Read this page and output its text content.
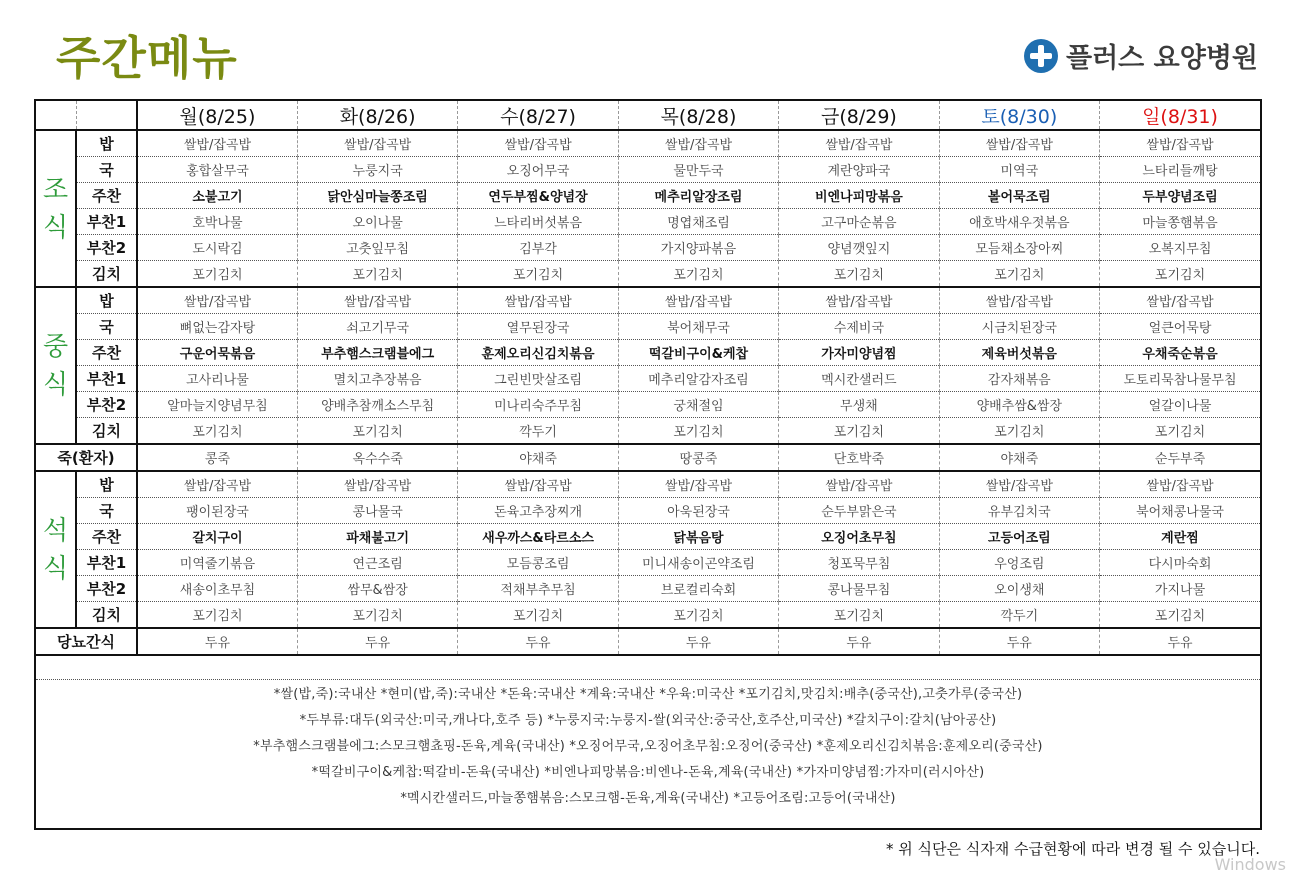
주간메뉴	플러스 요양병원
		월(8/25)	화(8/26)	수(8/27)	목(8/28)	금(8/29)	토(8/30)	일(8/31)
조식	밥	쌀밥/잡곡밥	쌀밥/잡곡밥	쌀밥/잡곡밥	쌀밥/잡곡밥	쌀밥/잡곡밥	쌀밥/잡곡밥	쌀밥/잡곡밥
	국	홍합살무국	누룽지국	오징어무국	물만두국	계란양파국	미역국	느타리들깨탕
	주찬	소불고기	닭안심마늘쫑조림	연두부찜&양념장	메추리알장조림	비엔나피망볶음	볼어묵조림	두부양념조림
	부찬1	호박나물	오이나물	느타리버섯볶음	명엽채조림	고구마순볶음	애호박새우젓볶음	마늘쫑햄볶음
	부찬2	도시락김	고춧잎무침	김부각	가지양파볶음	양념깻잎지	모듬채소장아찌	오복지무침
	김치	포기김치	포기김치	포기김치	포기김치	포기김치	포기김치	포기김치
중식	밥	쌀밥/잡곡밥	쌀밥/잡곡밥	쌀밥/잡곡밥	쌀밥/잡곡밥	쌀밥/잡곡밥	쌀밥/잡곡밥	쌀밥/잡곡밥
	국	뼈없는감자탕	쇠고기무국	열무된장국	북어채무국	수제비국	시금치된장국	얼큰어묵탕
	주찬	구운어묵볶음	부추햄스크램블에그	훈제오리신김치볶음	떡갈비구이&케찹	가자미양념찜	제육버섯볶음	우채죽순볶음
	부찬1	고사리나물	멸치고추장볶음	그린빈맛살조림	메추리알감자조림	멕시칸샐러드	감자채볶음	도토리묵참나물무침
	부찬2	알마늘지양념무침	양배추참깨소스무침	미나리숙주무침	궁채절임	무생채	양배추쌈&쌈장	얼갈이나물
	김치	포기김치	포기김치	깍두기	포기김치	포기김치	포기김치	포기김치
죽(환자)		콩죽	옥수수죽	야채죽	땅콩죽	단호박죽	야채죽	순두부죽
석식	밥	쌀밥/잡곡밥	쌀밥/잡곡밥	쌀밥/잡곡밥	쌀밥/잡곡밥	쌀밥/잡곡밥	쌀밥/잡곡밥	쌀밥/잡곡밥
	국	팽이된장국	콩나물국	돈육고추장찌개	아욱된장국	순두부맑은국	유부김치국	북어채콩나물국
	주찬	갈치구이	파채불고기	새우까스&타르소스	닭볶음탕	오징어초무침	고등어조림	계란찜
	부찬1	미역줄기볶음	연근조림	모듬콩조림	미니새송이곤약조림	청포묵무침	우엉조림	다시마숙회
	부찬2	새송이초무침	쌈무&쌈장	적채부추무침	브로컬리숙회	콩나물무침	오이생채	가지나물
	김치	포기김치	포기김치	포기김치	포기김치	포기김치	깍두기	포기김치
당뇨간식		두유	두유	두유	두유	두유	두유	두유
*쌀(밥,죽):국내산 *현미(밥,죽):국내산 *돈육:국내산 *계육:국내산 *우육:미국산 *포기김치,맛김치:배추(중국산),고춧가루(중국산)
*두부류:대두(외국산:미국,캐나다,호주 등) *누룽지국:누룽지-쌀(외국산:중국산,호주산,미국산) *갈치구이:갈치(남아공산)
*부추햄스크램블에그:스모크햄쵸핑-돈육,계육(국내산) *오징어무국,오징어초무침:오징어(중국산) *훈제오리신김치볶음:훈제오리(중국산)
*떡갈비구이&케찹:떡갈비-돈육(국내산) *비엔나피망볶음:비엔나-돈육,계육(국내산) *가자미양념찜:가자미(러시아산)
*멕시칸샐러드,마늘쫑햄볶음:스모크햄-돈육,계육(국내산) *고등어조림:고등어(국내산)
* 위 식단은 식자재 수급현황에 따라 변경 될 수 있습니다.
Windows
